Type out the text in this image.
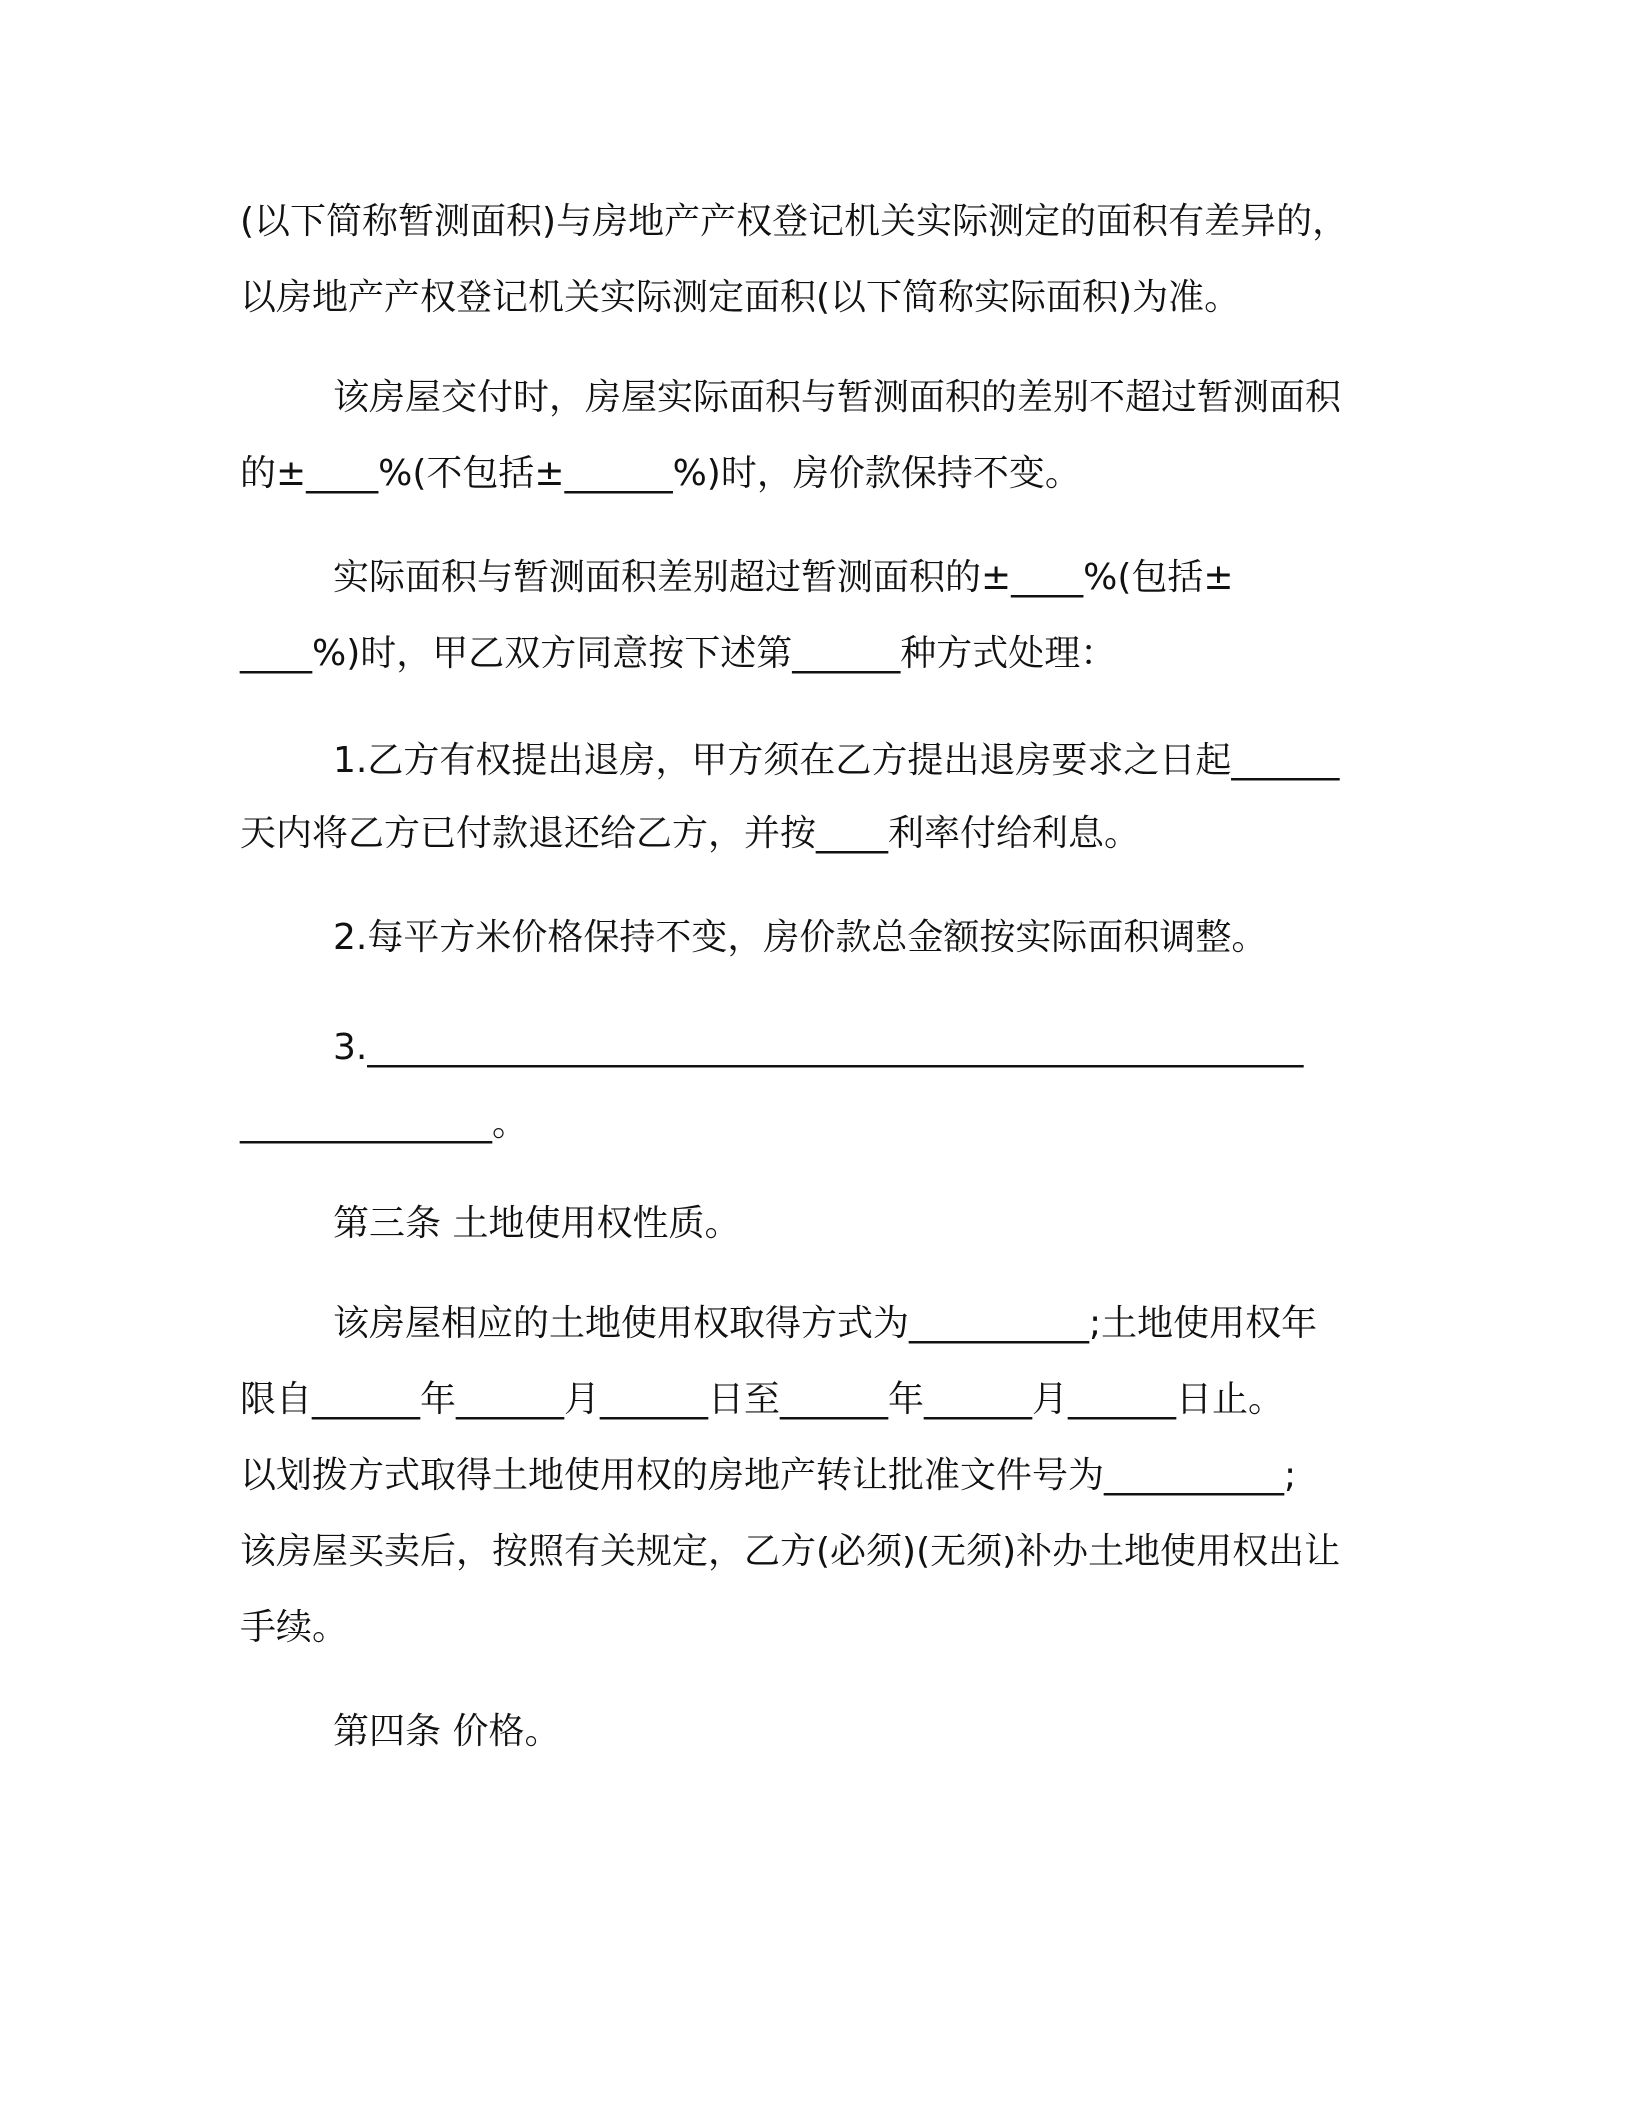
(以下简称暂测面积)与房地产产权登记机关实际测定的面积有差异的，
以房地产产权登记机关实际测定面积(以下简称实际面积)为准。
该房屋交付时，房屋实际面积与暂测面积的差别不超过暂测面积
的±____%(不包括±______%)时，房价款保持不变。
实际面积与暂测面积差别超过暂测面积的±____%(包括±
____%)时，甲乙双方同意按下述第______种方式处理：
1.乙方有权提出退房，甲方须在乙方提出退房要求之日起______
天内将乙方已付款退还给乙方，并按____利率付给利息。
2.每平方米价格保持不变，房价款总金额按实际面积调整。
3.____________________________________________________
______________。
第三条 土地使用权性质。
该房屋相应的土地使用权取得方式为__________;土地使用权年
限自______年______月______日至______年______月______日止。
以划拨方式取得土地使用权的房地产转让批准文件号为__________;
该房屋买卖后，按照有关规定，乙方(必须)(无须)补办土地使用权出让
手续。
第四条 价格。
